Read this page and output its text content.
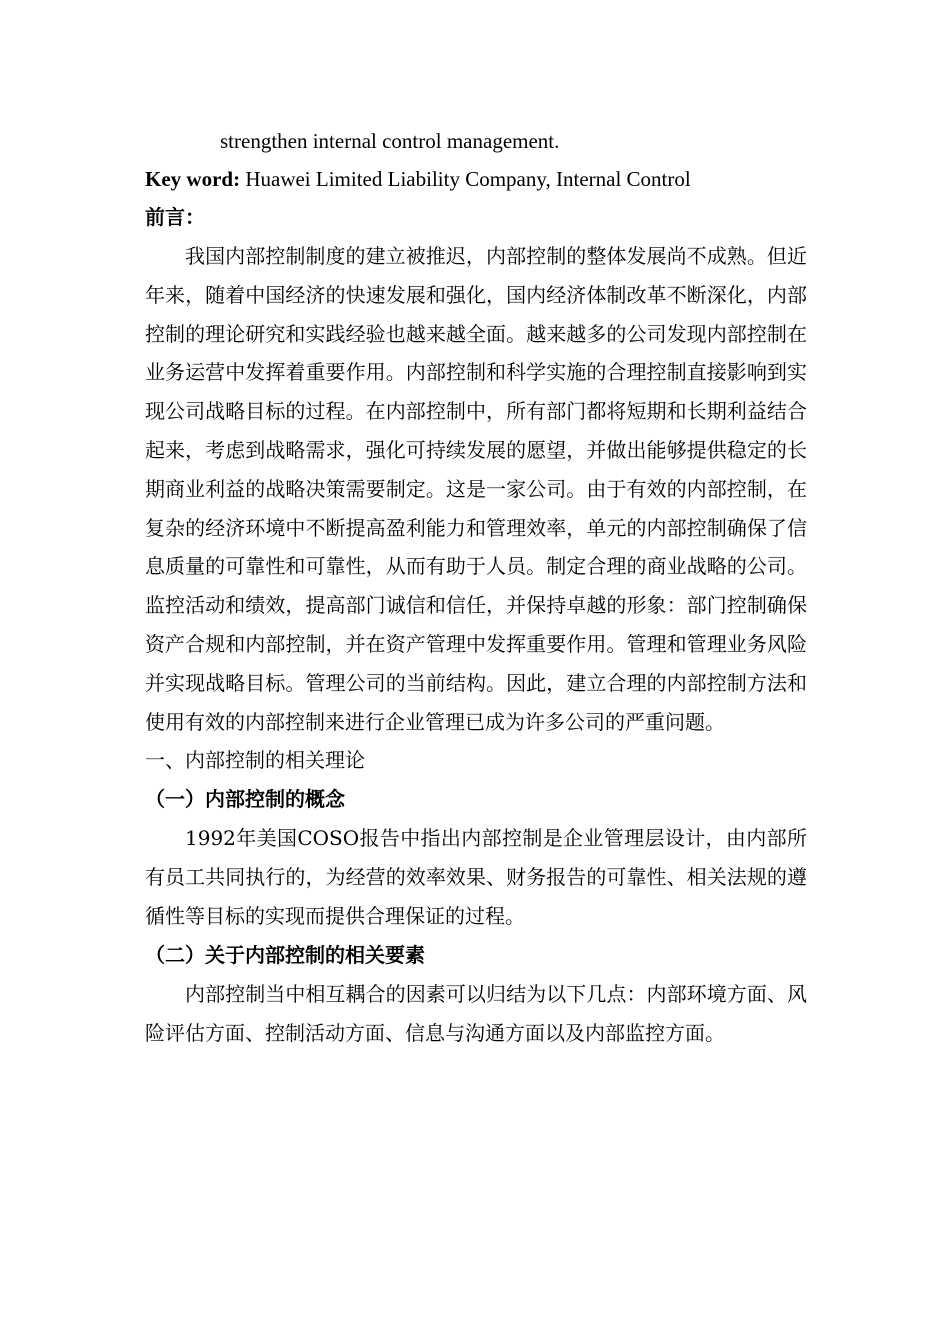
strengthen internal control management.
Key word: Huawei Limited Liability Company, Internal Control
前言：

我国内部控制制度的建立被推迟，内部控制的整体发展尚不成熟。但近年来，随着中国经济的快速发展和强化，国内经济体制改革不断深化，内部控制的理论研究和实践经验也越来越全面。越来越多的公司发现内部控制在业务运营中发挥着重要作用。内部控制和科学实施的合理控制直接影响到实现公司战略目标的过程。在内部控制中，所有部门都将短期和长期利益结合起来，考虑到战略需求，强化可持续发展的愿望，并做出能够提供稳定的长期商业利益的战略决策需要制定。这是一家公司。由于有效的内部控制，在复杂的经济环境中不断提高盈利能力和管理效率，单元的内部控制确保了信息质量的可靠性和可靠性，从而有助于人员。制定合理的商业战略的公司。监控活动和绩效，提高部门诚信和信任，并保持卓越的形象：部门控制确保资产合规和内部控制，并在资产管理中发挥重要作用。管理和管理业务风险并实现战略目标。管理公司的当前结构。因此，建立合理的内部控制方法和使用有效的内部控制来进行企业管理已成为许多公司的严重问题。

一、内部控制的相关理论
（一）内部控制的概念

1992年美国COSO报告中指出内部控制是企业管理层设计，由内部所有员工共同执行的，为经营的效率效果、财务报告的可靠性、相关法规的遵循性等目标的实现而提供合理保证的过程。

（二）关于内部控制的相关要素

内部控制当中相互耦合的因素可以归结为以下几点：内部环境方面、风险评估方面、控制活动方面、信息与沟通方面以及内部监控方面。
